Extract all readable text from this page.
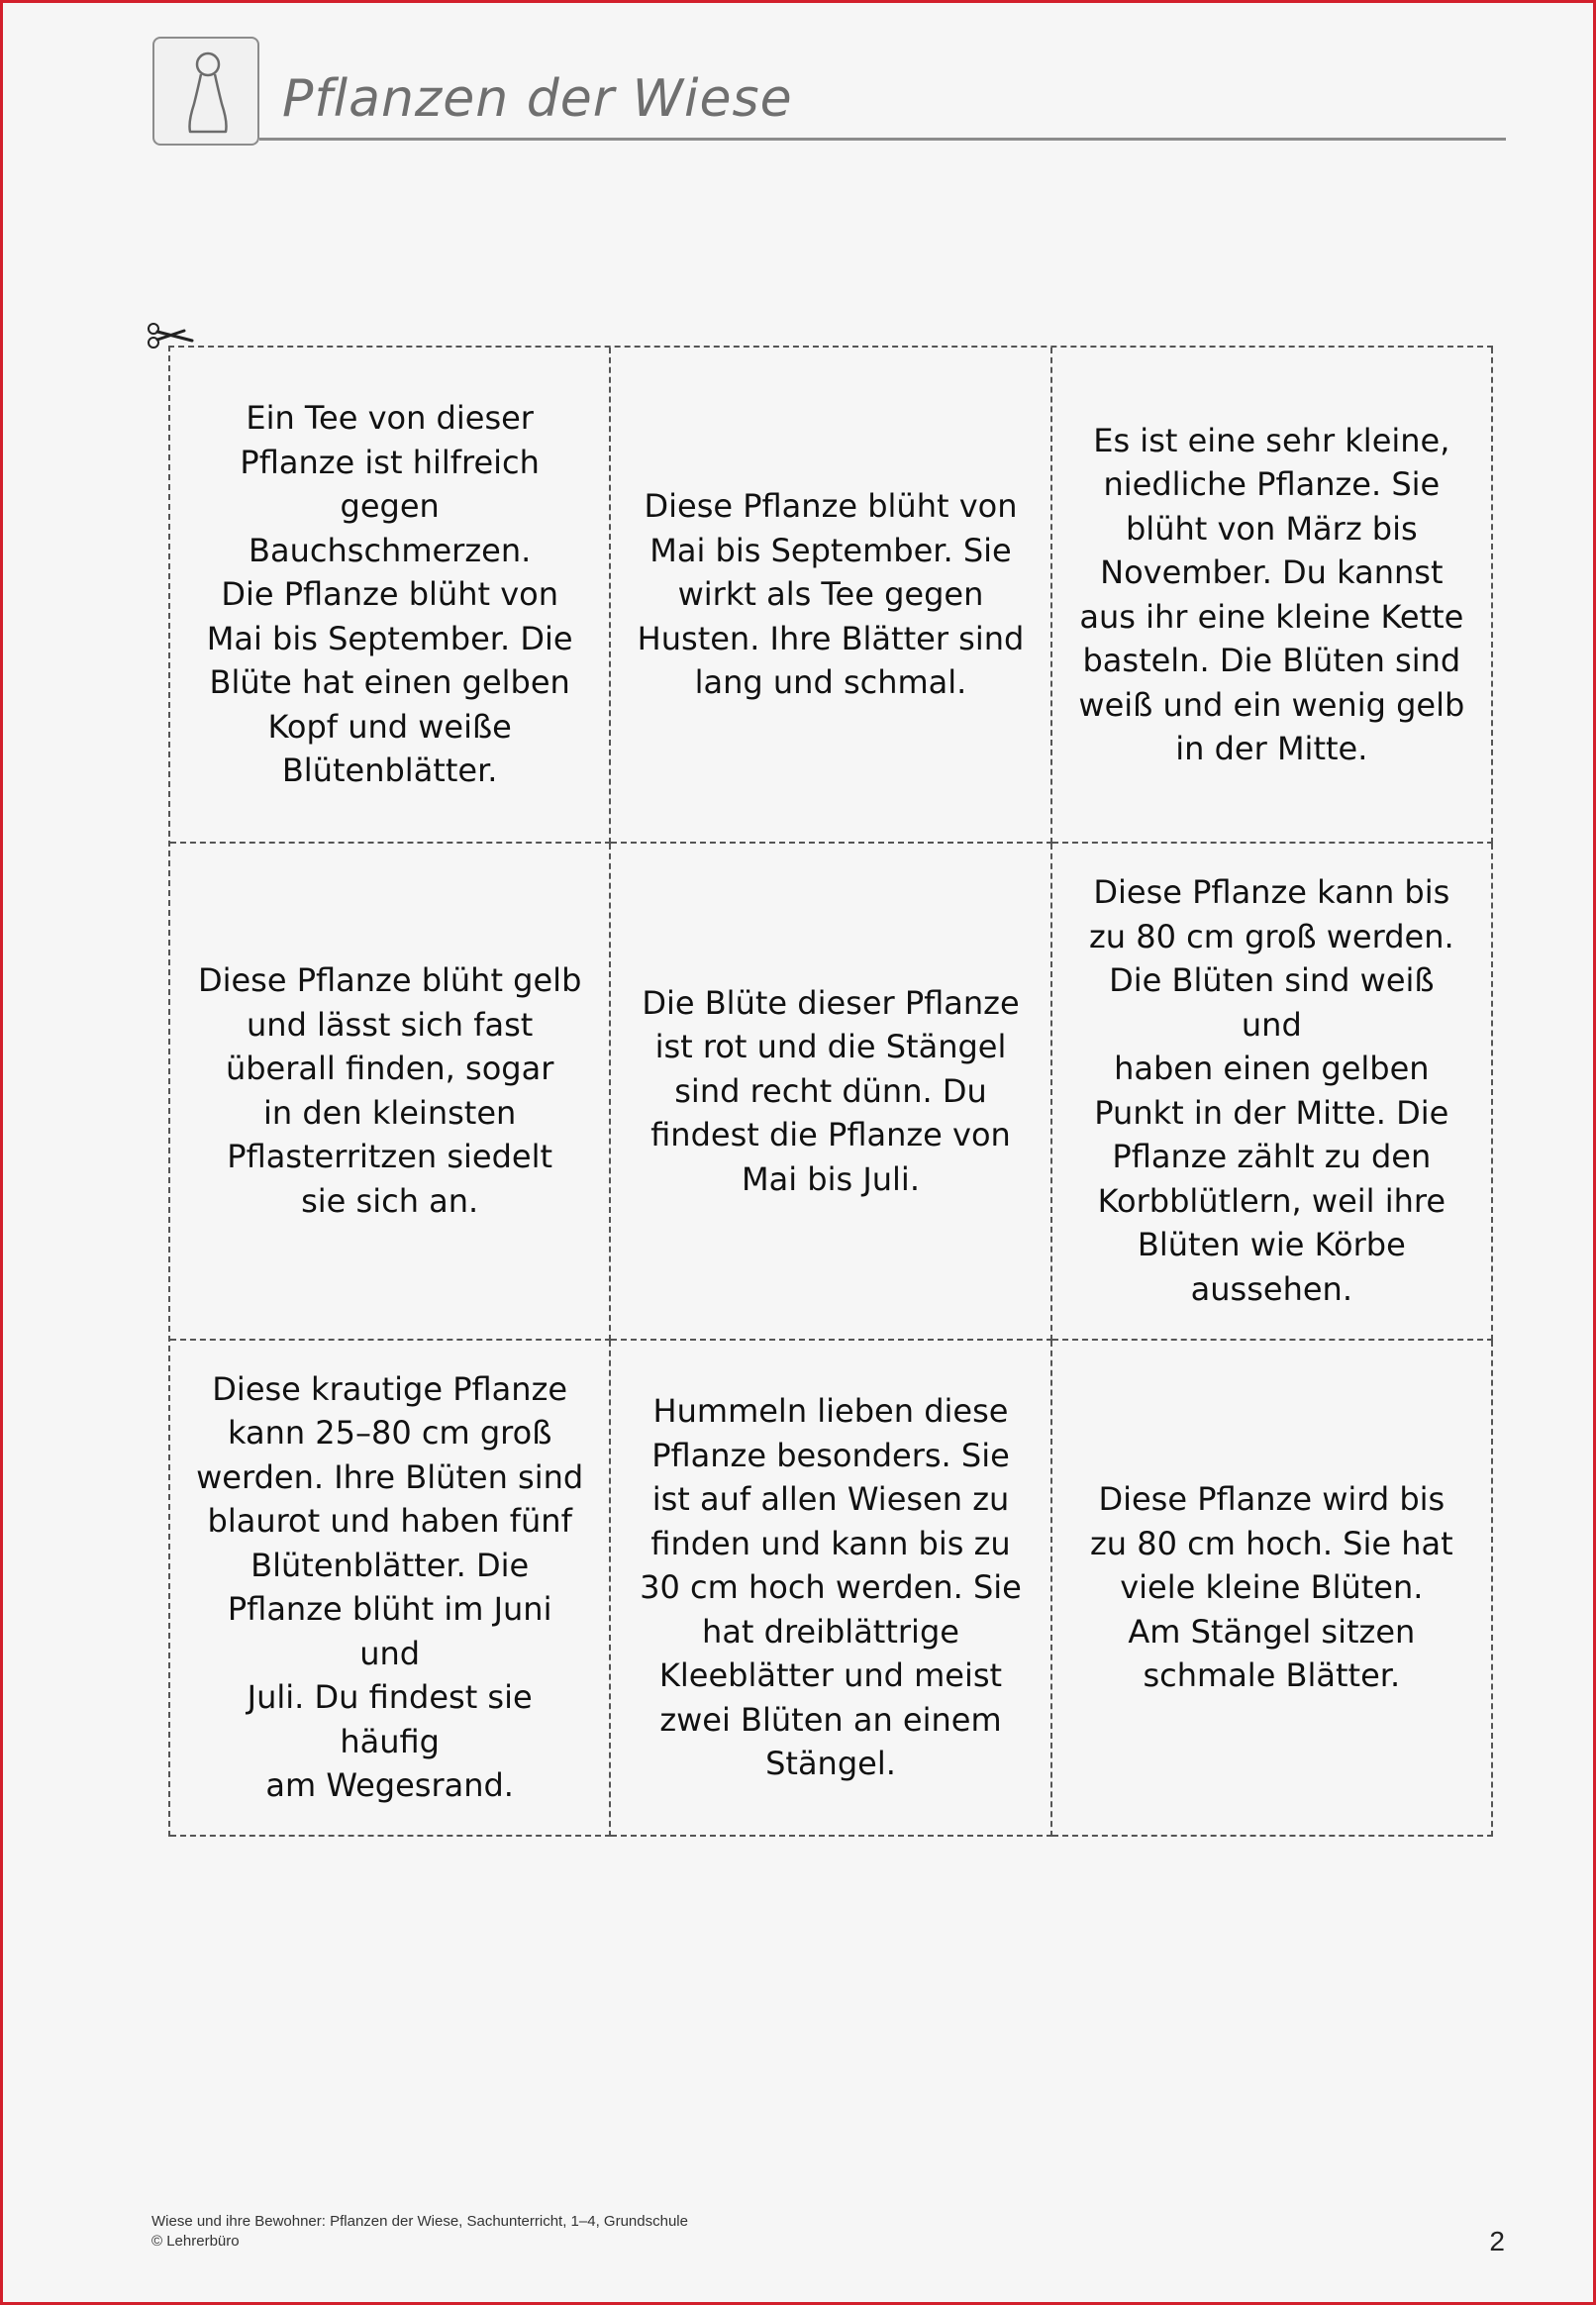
Pflanzen der Wiese
Ein Tee von dieser
Pflanze ist hilfreich
gegen Bauchschmerzen.
Die Pflanze blüht von
Mai bis September. Die
Blüte hat einen gelben
Kopf und weiße
Blütenblätter.
Diese Pflanze blüht von
Mai bis September. Sie
wirkt als Tee gegen
Husten. Ihre Blätter sind
lang und schmal.
Es ist eine sehr kleine,
niedliche Pflanze. Sie
blüht von März bis
November. Du kannst
aus ihr eine kleine Kette
basteln. Die Blüten sind
weiß und ein wenig gelb
in der Mitte.
Diese Pflanze blüht gelb
und lässt sich fast
überall finden, sogar
in den kleinsten
Pflasterritzen siedelt
sie sich an.
Die Blüte dieser Pflanze
ist rot und die Stängel
sind recht dünn. Du
findest die Pflanze von
Mai bis Juli.
Diese Pflanze kann bis
zu 80 cm groß werden.
Die Blüten sind weiß und
haben einen gelben
Punkt in der Mitte. Die
Pflanze zählt zu den
Korbblütlern, weil ihre
Blüten wie Körbe
aussehen.
Diese krautige Pflanze
kann 25–80 cm groß
werden. Ihre Blüten sind
blaurot und haben fünf
Blütenblätter. Die
Pflanze blüht im Juni und
Juli. Du findest sie häufig
am Wegesrand.
Hummeln lieben diese
Pflanze besonders. Sie
ist auf allen Wiesen zu
finden und kann bis zu
30 cm hoch werden. Sie
hat dreiblättrige
Kleeblätter und meist
zwei Blüten an einem
Stängel.
Diese Pflanze wird bis
zu 80 cm hoch. Sie hat
viele kleine Blüten.
Am Stängel sitzen
schmale Blätter.
Wiese und ihre Bewohner: Pflanzen der Wiese, Sachunterricht, 1–4, Grundschule
© Lehrerbüro	2
